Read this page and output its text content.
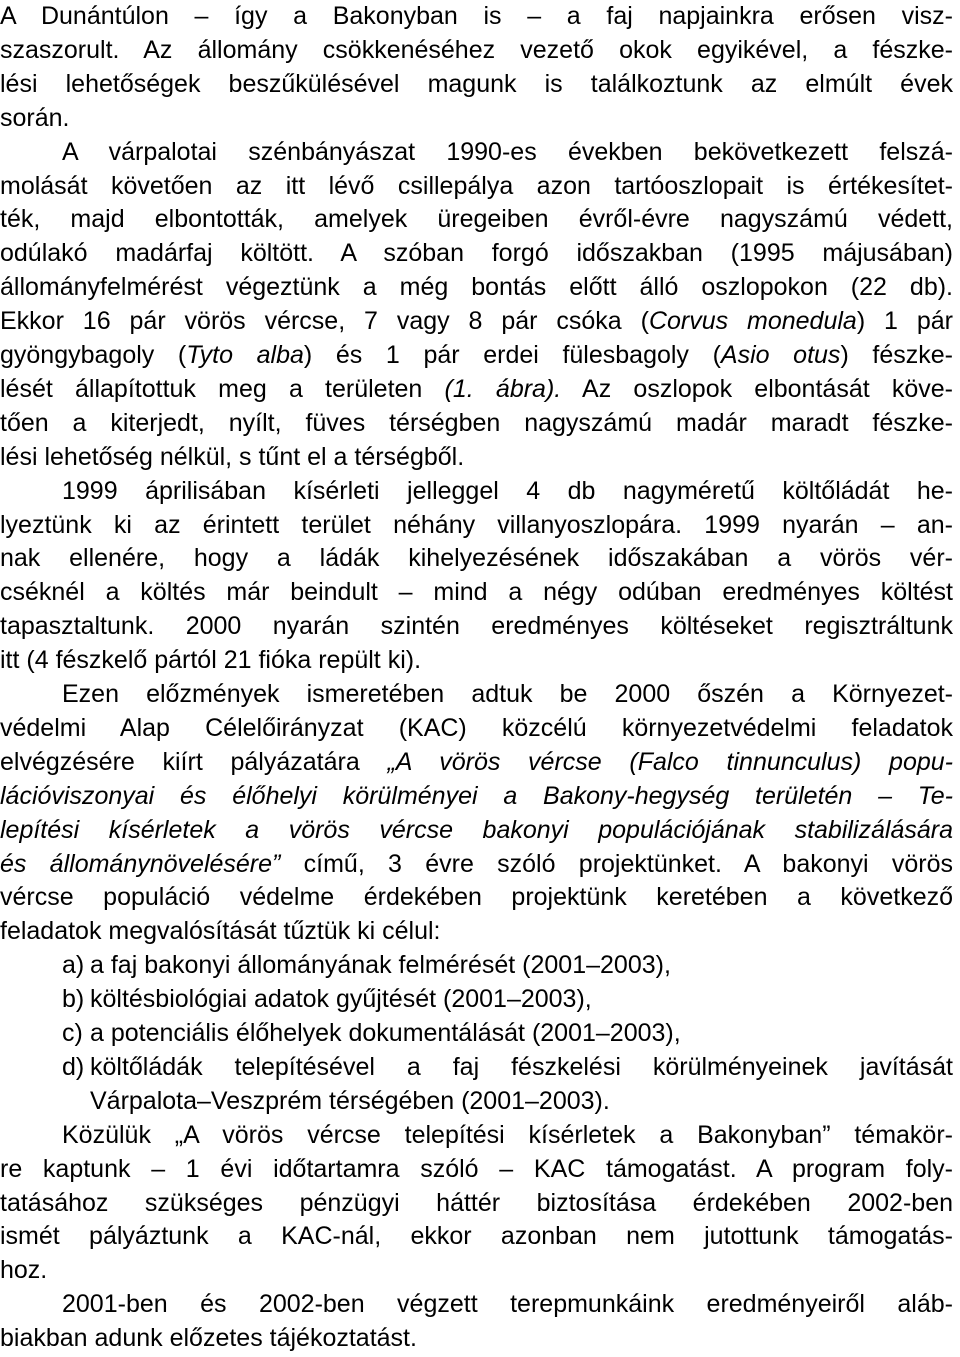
A Dunántúlon – így a Bakonyban is – a faj napjainkra erősen visz-
szaszorult. Az állomány csökkenéséhez vezető okok egyikével, a fészke-
lési lehetőségek beszűkülésével magunk is találkoztunk az elmúlt évek
során.
A várpalotai szénbányászat 1990-es években bekövetkezett felszá-
molását követően az itt lévő csillepálya azon tartóoszlopait is értékesítet-
ték, majd elbontották, amelyek üregeiben évről-évre nagyszámú védett,
odúlakó madárfaj költött. A szóban forgó időszakban (1995 májusában)
állományfelmérést végeztünk a még bontás előtt álló oszlopokon (22 db).
Ekkor 16 pár vörös vércse, 7 vagy 8 pár csóka (Corvus monedula) 1 pár
gyöngybagoly (Tyto alba) és 1 pár erdei fülesbagoly (Asio otus) fészke-
lését állapítottuk meg a területen (1. ábra). Az oszlopok elbontását köve-
tően a kiterjedt, nyílt, füves térségben nagyszámú madár maradt fészke-
lési lehetőség nélkül, s tűnt el a térségből.
1999 áprilisában kísérleti jelleggel 4 db nagyméretű költőládát he-
lyeztünk ki az érintett terület néhány villanyoszlopára. 1999 nyarán – an-
nak ellenére, hogy a ládák kihelyezésének időszakában a vörös vér-
cséknél a költés már beindult – mind a négy odúban eredményes költést
tapasztaltunk. 2000 nyarán szintén eredményes költéseket regisztráltunk
itt (4 fészkelő pártól 21 fióka repült ki).
Ezen előzmények ismeretében adtuk be 2000 őszén a Környezet-
védelmi Alap Célelőirányzat (KAC) közcélú környezetvédelmi feladatok
elvégzésére kiírt pályázatára „A vörös vércse (Falco tinnunculus) popu-
lációviszonyai és élőhelyi körülményei a Bakony-hegység területén – Te-
lepítési kísérletek a vörös vércse bakonyi populációjának stabilizálására
és állománynövelésére” című, 3 évre szóló projektünket. A bakonyi vörös
vércse populáció védelme érdekében projektünk keretében a következő
feladatok megvalósítását tűztük ki célul:
a) a faj bakonyi állományának felmérését (2001–2003),
b) költésbiológiai adatok gyűjtését (2001–2003),
c) a potenciális élőhelyek dokumentálását (2001–2003),
d) költőládák telepítésével a faj fészkelési körülményeinek javítását
Várpalota–Veszprém térségében (2001–2003).
Közülük „A vörös vércse telepítési kísérletek a Bakonyban” témakör-
re kaptunk – 1 évi időtartamra szóló – KAC támogatást. A program foly-
tatásához szükséges pénzügyi háttér biztosítása érdekében 2002-ben
ismét pályáztunk a KAC-nál, ekkor azonban nem jutottunk támogatás-
hoz.
2001-ben és 2002-ben végzett terepmunkáink eredményeiről aláb-
biakban adunk előzetes tájékoztatást.
